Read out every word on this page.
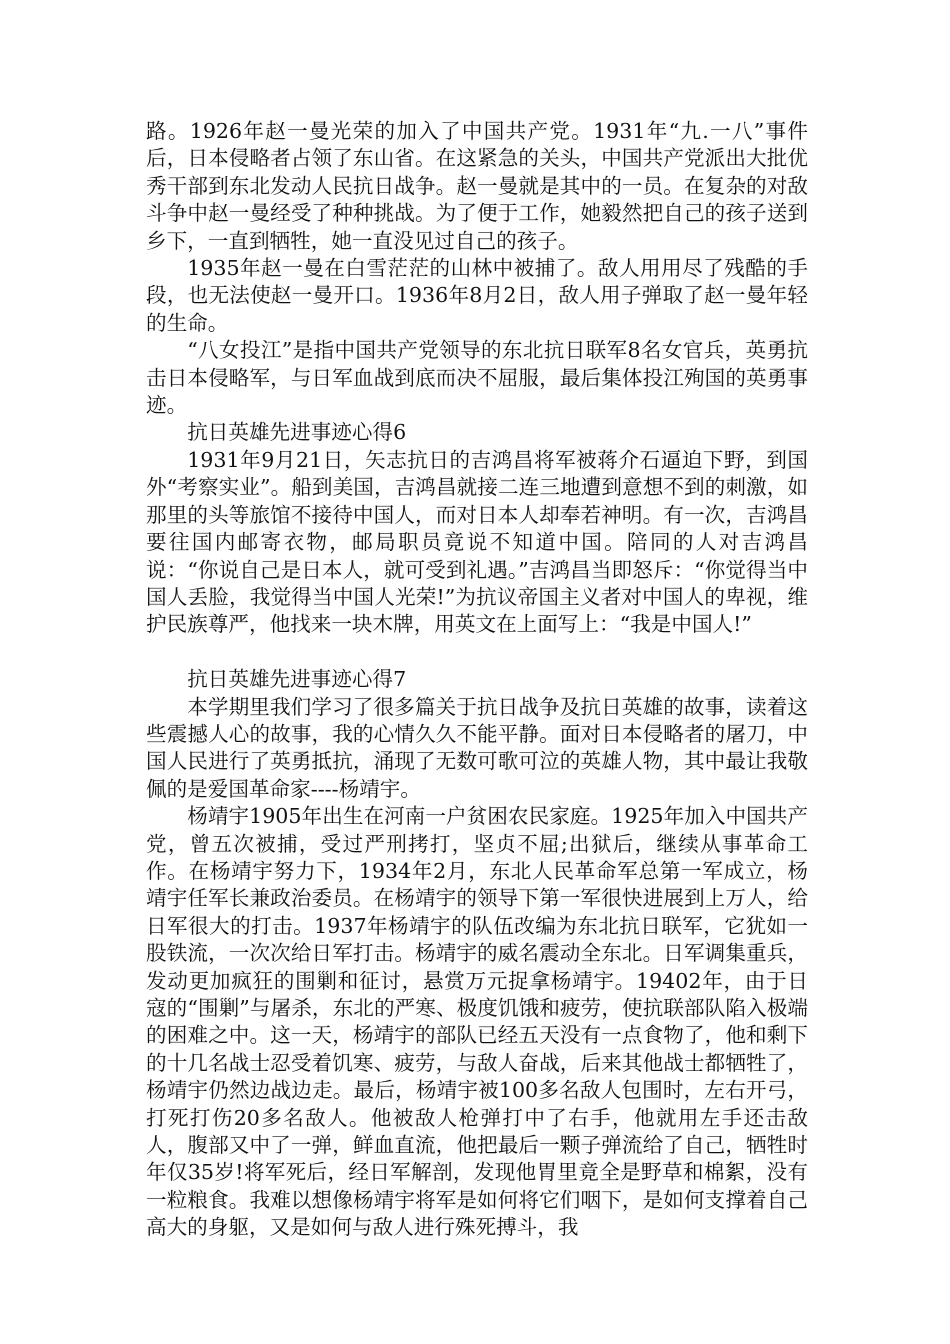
路。1926年赵一曼光荣的加入了中国共产党。1931年“九.一八”事件后，日本侵略者占领了东山省。在这紧急的关头，中国共产党派出大批优秀干部到东北发动人民抗日战争。赵一曼就是其中的一员。在复杂的对敌斗争中赵一曼经受了种种挑战。为了便于工作，她毅然把自己的孩子送到乡下，一直到牺牲，她一直没见过自己的孩子。

1935年赵一曼在白雪茫茫的山林中被捕了。敌人用用尽了残酷的手段，也无法使赵一曼开口。1936年8月2日，敌人用子弹取了赵一曼年轻的生命。

“八女投江”是指中国共产党领导的东北抗日联军8名女官兵，英勇抗击日本侵略军，与日军血战到底而决不屈服，最后集体投江殉国的英勇事迹。

抗日英雄先进事迹心得6

1931年9月21日，矢志抗日的吉鸿昌将军被蒋介石逼迫下野，到国外“考察实业”。船到美国，吉鸿昌就接二连三地遭到意想不到的刺激，如那里的头等旅馆不接待中国人，而对日本人却奉若神明。有一次，吉鸿昌要往国内邮寄衣物，邮局职员竟说不知道中国。陪同的人对吉鸿昌说：“你说自己是日本人，就可受到礼遇。”吉鸿昌当即怒斥：“你觉得当中国人丢脸，我觉得当中国人光荣!”为抗议帝国主义者对中国人的卑视，维护民族尊严，他找来一块木牌，用英文在上面写上：“我是中国人!”

抗日英雄先进事迹心得7

本学期里我们学习了很多篇关于抗日战争及抗日英雄的故事，读着这些震撼人心的故事，我的心情久久不能平静。面对日本侵略者的屠刀，中国人民进行了英勇抵抗，涌现了无数可歌可泣的英雄人物，其中最让我敬佩的是爱国革命家----杨靖宇。

杨靖宇1905年出生在河南一户贫困农民家庭。1925年加入中国共产党，曾五次被捕，受过严刑拷打，坚贞不屈;出狱后，继续从事革命工作。在杨靖宇努力下，1934年2月，东北人民革命军总第一军成立，杨靖宇任军长兼政治委员。在杨靖宇的领导下第一军很快进展到上万人，给日军很大的打击。1937年杨靖宇的队伍改编为东北抗日联军，它犹如一股铁流，一次次给日军打击。杨靖宇的威名震动全东北。日军调集重兵，发动更加疯狂的围剿和征讨，悬赏万元捉拿杨靖宇。19402年，由于日寇的“围剿”与屠杀，东北的严寒、极度饥饿和疲劳，使抗联部队陷入极端的困难之中。这一天，杨靖宇的部队已经五天没有一点食物了，他和剩下的十几名战士忍受着饥寒、疲劳，与敌人奋战，后来其他战士都牺牲了，杨靖宇仍然边战边走。最后，杨靖宇被100多名敌人包围时，左右开弓，打死打伤20多名敌人。他被敌人枪弹打中了右手，他就用左手还击敌人，腹部又中了一弹，鲜血直流，他把最后一颗子弹流给了自己，牺牲时年仅35岁!将军死后，经日军解剖，发现他胃里竟全是野草和棉絮，没有一粒粮食。我难以想像杨靖宇将军是如何将它们咽下，是如何支撑着自己高大的身躯，又是如何与敌人进行殊死搏斗，我
